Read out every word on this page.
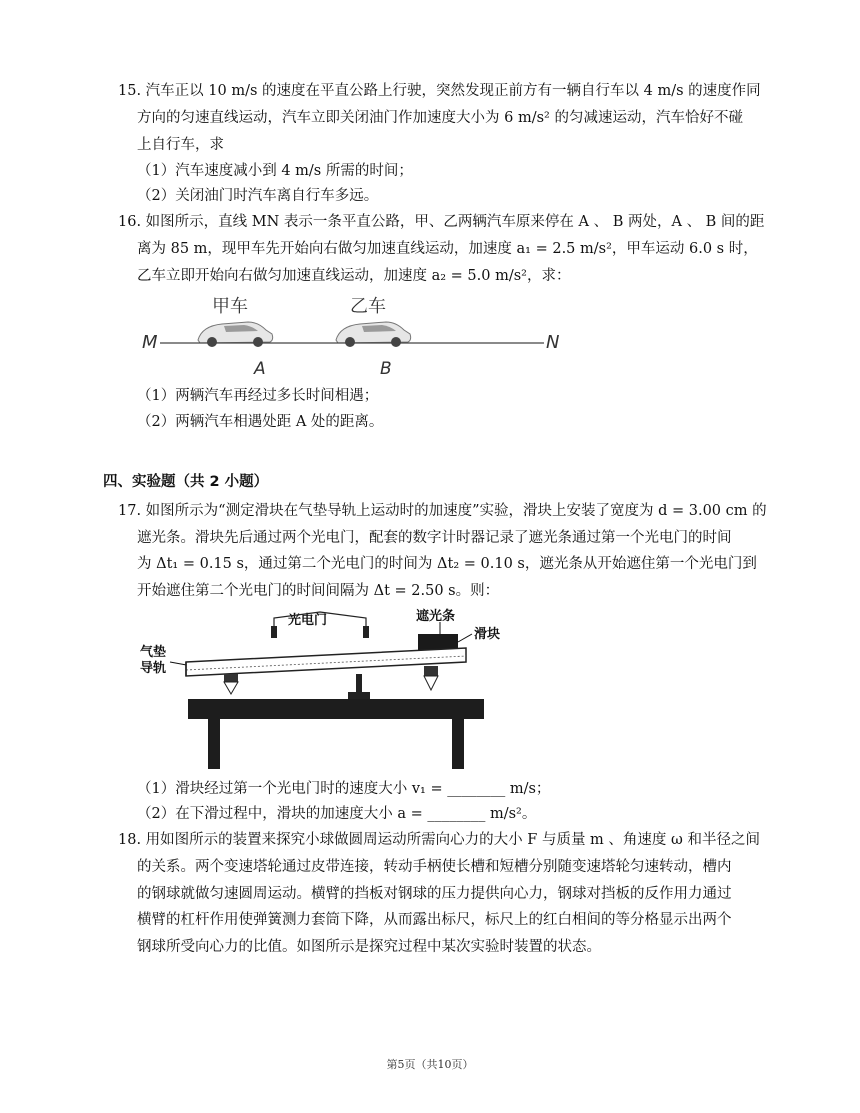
15. 汽车正以 10 m/s 的速度在平直公路上行驶，突然发现正前方有一辆自行车以 4 m/s 的速度作同
方向的匀速直线运动，汽车立即关闭油门作加速度大小为 6 m/s² 的匀减速运动，汽车恰好不碰
上自行车，求
（1）汽车速度减小到 4 m/s 所需的时间；
（2）关闭油门时汽车离自行车多远。
16. 如图所示，直线 MN 表示一条平直公路，甲、乙两辆汽车原来停在 A 、 B 两处，A 、 B 间的距
离为 85 m，现甲车先开始向右做匀加速直线运动，加速度 a₁ = 2.5 m/s²，甲车运动 6.0 s 时，
乙车立即开始向右做匀加速直线运动，加速度 a₂ = 5.0 m/s²，求：
甲车	乙车
M	N
A	B
（1）两辆汽车再经过多长时间相遇；
（2）两辆汽车相遇处距 A 处的距离。
四、实验题（共 2 小题）
17. 如图所示为“测定滑块在气垫导轨上运动时的加速度”实验，滑块上安装了宽度为 d = 3.00 cm 的
遮光条。滑块先后通过两个光电门，配套的数字计时器记录了遮光条通过第一个光电门的时间
为 Δt₁ = 0.15 s，通过第二个光电门的时间为 Δt₂ = 0.10 s，遮光条从开始遮住第一个光电门到
开始遮住第二个光电门的时间间隔为 Δt = 2.50 s。则：
光电门	遮光条
滑块
气垫
导轨
（1）滑块经过第一个光电门时的速度大小 v₁ = ________ m/s；
（2）在下滑过程中，滑块的加速度大小 a = ________ m/s²。
18. 用如图所示的装置来探究小球做圆周运动所需向心力的大小 F 与质量 m 、角速度 ω 和半径之间
的关系。两个变速塔轮通过皮带连接，转动手柄使长槽和短槽分别随变速塔轮匀速转动，槽内
的钢球就做匀速圆周运动。横臂的挡板对钢球的压力提供向心力，钢球对挡板的反作用力通过
横臂的杠杆作用使弹簧测力套筒下降，从而露出标尺，标尺上的红白相间的等分格显示出两个
钢球所受向心力的比值。如图所示是探究过程中某次实验时装置的状态。
第5页（共10页）
